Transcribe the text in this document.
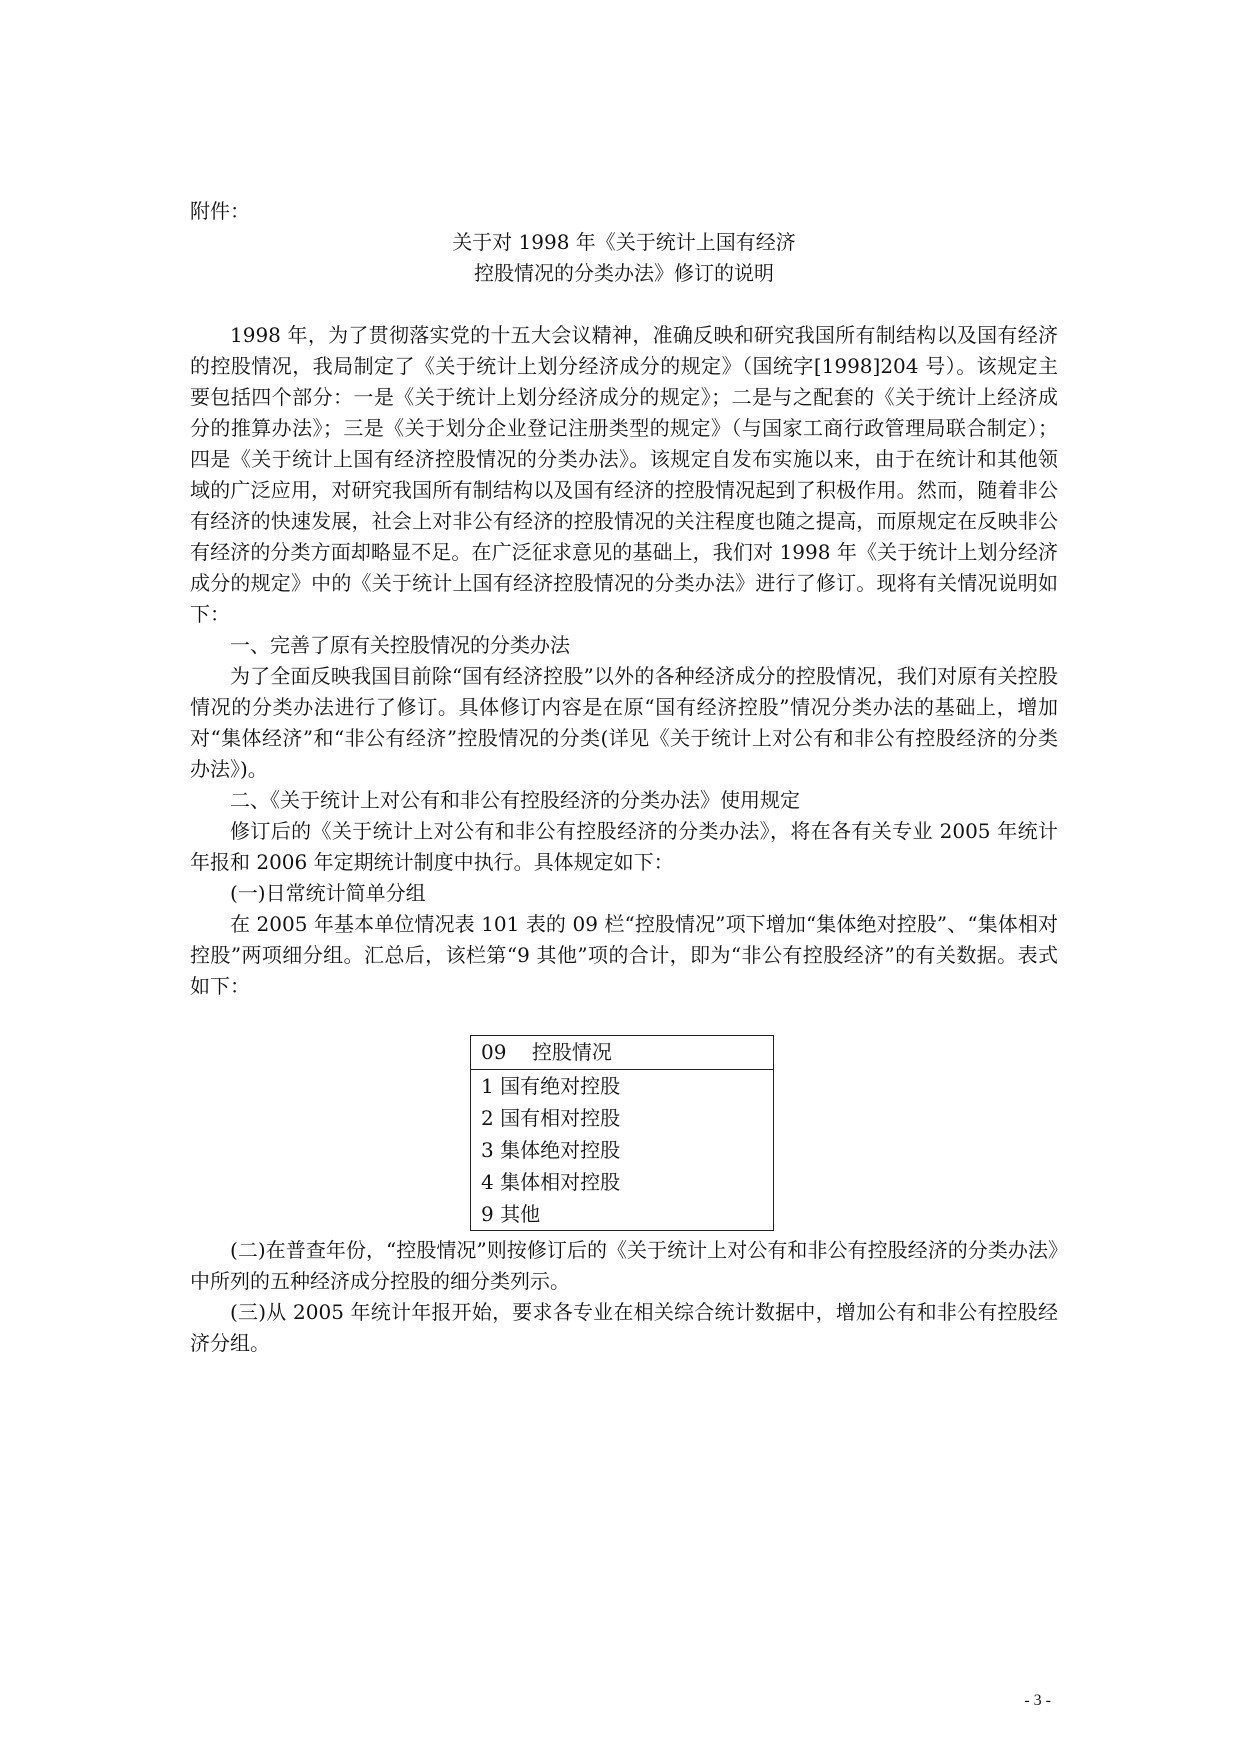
附件：

关于对 1998 年《关于统计上国有经济
控股情况的分类办法》修订的说明

1998 年，为了贯彻落实党的十五大会议精神，准确反映和研究我国所有制结构以及国有经济的控股情况，我局制定了《关于统计上划分经济成分的规定》（国统字[1998]204 号）。该规定主要包括四个部分：一是《关于统计上划分经济成分的规定》；二是与之配套的《关于统计上经济成分的推算办法》；三是《关于划分企业登记注册类型的规定》（与国家工商行政管理局联合制定）；四是《关于统计上国有经济控股情况的分类办法》。该规定自发布实施以来，由于在统计和其他领域的广泛应用，对研究我国所有制结构以及国有经济的控股情况起到了积极作用。然而，随着非公有经济的快速发展，社会上对非公有经济的控股情况的关注程度也随之提高，而原规定在反映非公有经济的分类方面却略显不足。在广泛征求意见的基础上，我们对 1998 年《关于统计上划分经济成分的规定》中的《关于统计上国有经济控股情况的分类办法》进行了修订。现将有关情况说明如下：

一、完善了原有关控股情况的分类办法

为了全面反映我国目前除“国有经济控股”以外的各种经济成分的控股情况，我们对原有关控股情况的分类办法进行了修订。具体修订内容是在原“国有经济控股”情况分类办法的基础上，增加对“集体经济”和“非公有经济”控股情况的分类(详见《关于统计上对公有和非公有控股经济的分类办法》)。

二、《关于统计上对公有和非公有控股经济的分类办法》使用规定

修订后的《关于统计上对公有和非公有控股经济的分类办法》，将在各有关专业 2005 年统计年报和 2006 年定期统计制度中执行。具体规定如下：

(一)日常统计简单分组

在 2005 年基本单位情况表 101 表的 09 栏“控股情况”项下增加“集体绝对控股”、“集体相对控股”两项细分组。汇总后，该栏第“9 其他”项的合计，即为“非公有控股经济”的有关数据。表式如下：

09    控股情况
1 国有绝对控股
2 国有相对控股
3 集体绝对控股
4 集体相对控股
9 其他

(二)在普查年份，“控股情况”则按修订后的《关于统计上对公有和非公有控股经济的分类办法》中所列的五种经济成分控股的细分类列示。

(三)从 2005 年统计年报开始，要求各专业在相关综合统计数据中，增加公有和非公有控股经济分组。

- 3 -
